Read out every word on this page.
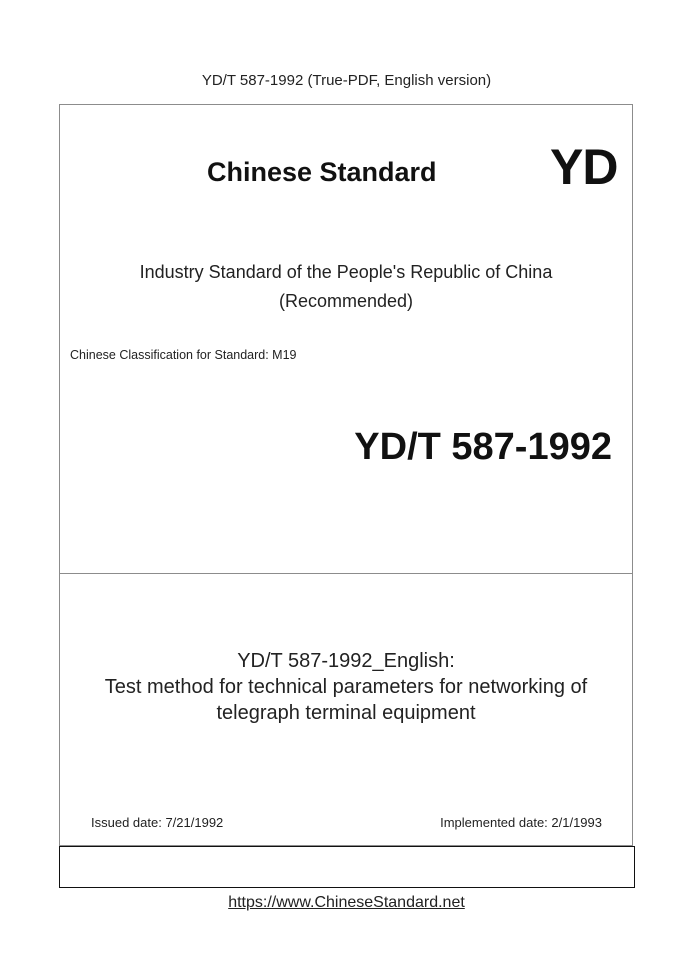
YD/T 587-1992 (True-PDF, English version)
Chinese Standard YD
Industry Standard of the People's Republic of China
(Recommended)
Chinese Classification for Standard: M19
YD/T 587-1992
YD/T 587-1992_English:
Test method for technical parameters for networking of
telegraph terminal equipment
Issued date: 7/21/1992	Implemented date: 2/1/1993
https://www.ChineseStandard.net
